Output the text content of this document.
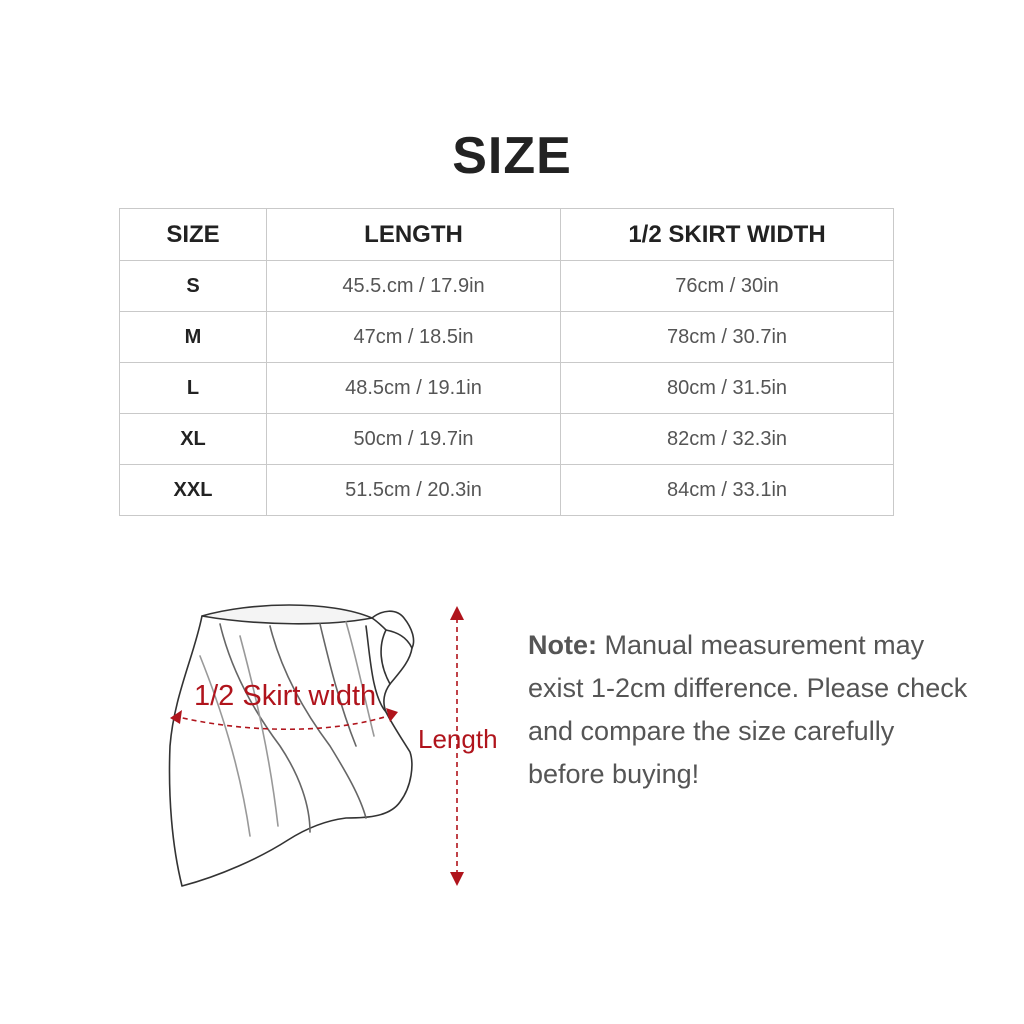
SIZE
SIZE	LENGTH	1/2 SKIRT WIDTH
S	45.5.cm / 17.9in	76cm / 30in
M	47cm / 18.5in	78cm / 30.7in
L	48.5cm / 19.1in	80cm / 31.5in
XL	50cm / 19.7in	82cm / 32.3in
XXL	51.5cm / 20.3in	84cm / 33.1in
1/2 Skirt width
Length
Note: Manual measurement may exist 1-2cm difference. Please check and compare the size carefully before buying!
